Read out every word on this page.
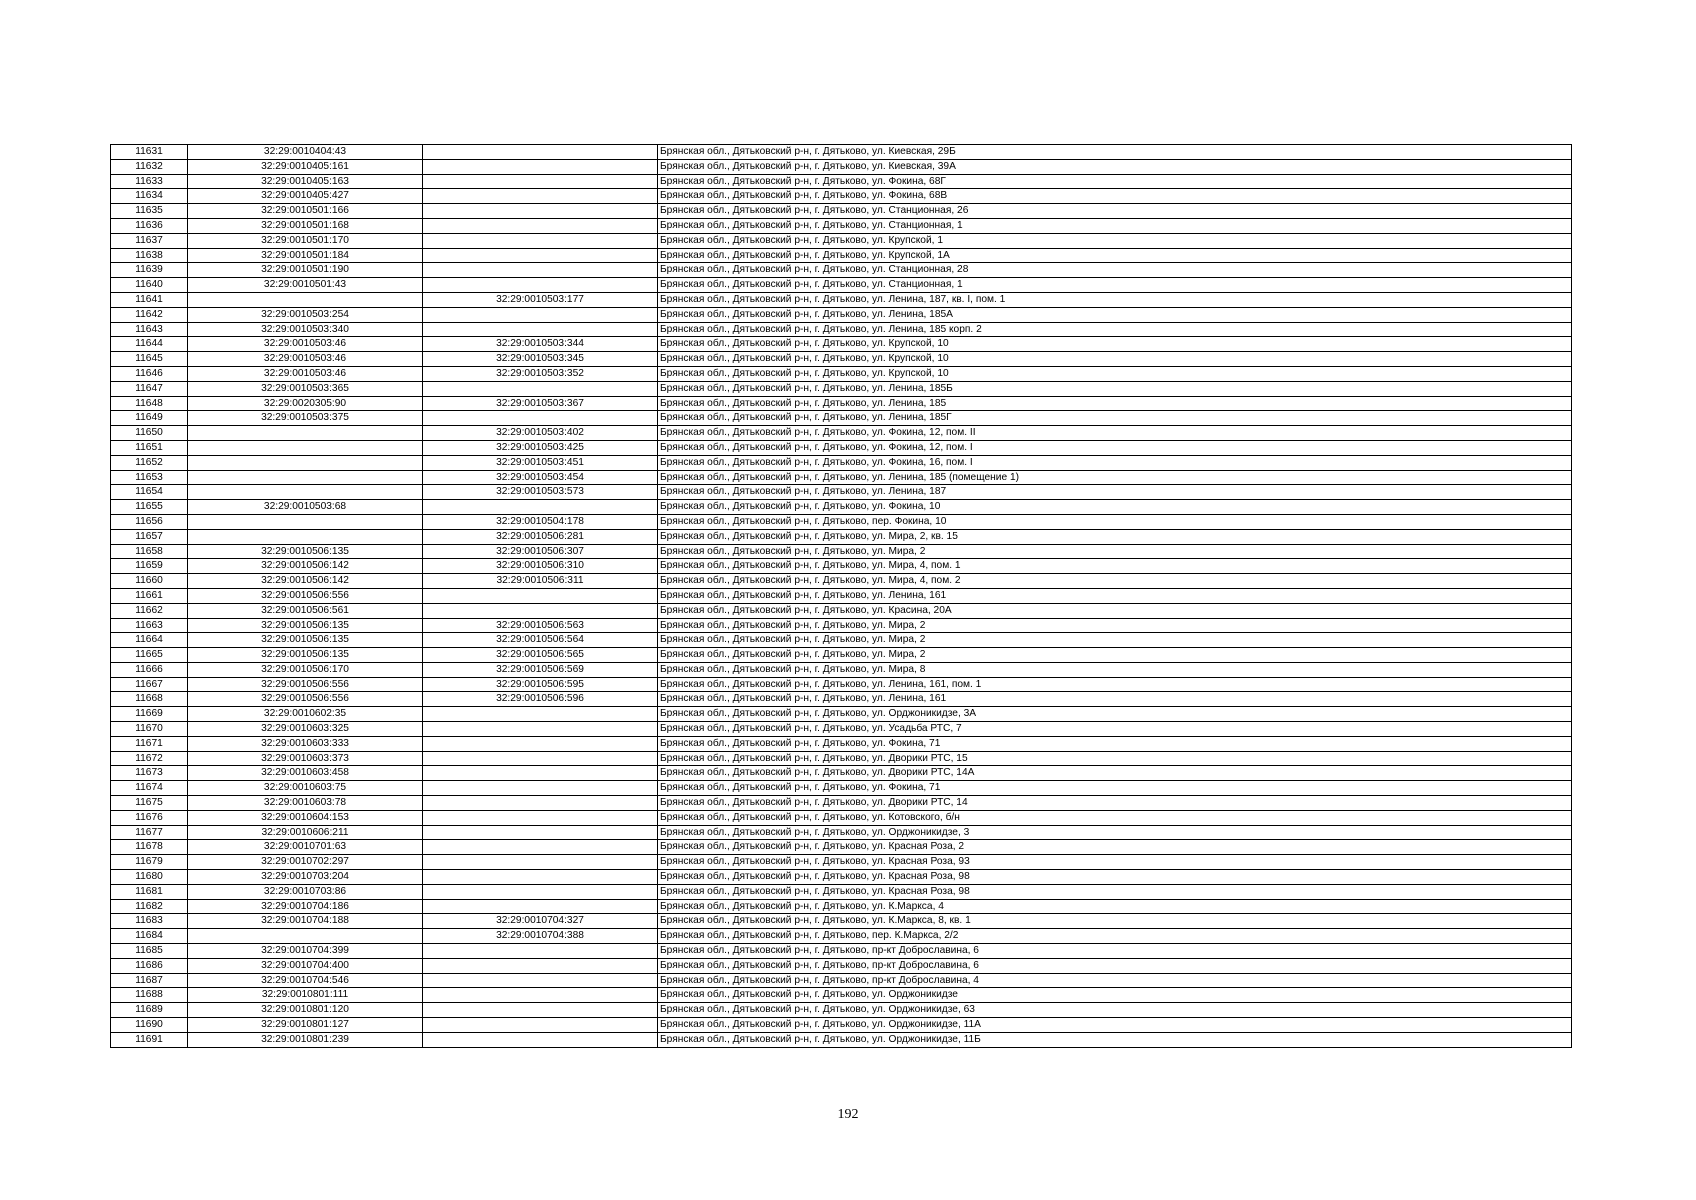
11631	32:29:0010404:43		Брянская обл., Дятьковский р-н, г. Дятьково, ул. Киевская, 29Б
11632	32:29:0010405:161		Брянская обл., Дятьковский р-н, г. Дятьково, ул. Киевская, 39А
11633	32:29:0010405:163		Брянская обл., Дятьковский р-н, г. Дятьково, ул. Фокина, 68Г
11634	32:29:0010405:427		Брянская обл., Дятьковский р-н, г. Дятьково, ул. Фокина, 68В
11635	32:29:0010501:166		Брянская обл., Дятьковский р-н, г. Дятьково, ул. Станционная, 26
11636	32:29:0010501:168		Брянская обл., Дятьковский р-н, г. Дятьково, ул. Станционная, 1
11637	32:29:0010501:170		Брянская обл., Дятьковский р-н, г. Дятьково, ул. Крупской, 1
11638	32:29:0010501:184		Брянская обл., Дятьковский р-н, г. Дятьково, ул. Крупской, 1А
11639	32:29:0010501:190		Брянская обл., Дятьковский р-н, г. Дятьково, ул. Станционная, 28
11640	32:29:0010501:43		Брянская обл., Дятьковский р-н, г. Дятьково, ул. Станционная, 1
11641		32:29:0010503:177	Брянская обл., Дятьковский р-н, г. Дятьково, ул. Ленина, 187, кв. I, пом. 1
11642	32:29:0010503:254		Брянская обл., Дятьковский р-н, г. Дятьково, ул. Ленина, 185А
11643	32:29:0010503:340		Брянская обл., Дятьковский р-н, г. Дятьково, ул. Ленина, 185 корп. 2
11644	32:29:0010503:46	32:29:0010503:344	Брянская обл., Дятьковский р-н, г. Дятьково, ул. Крупской, 10
11645	32:29:0010503:46	32:29:0010503:345	Брянская обл., Дятьковский р-н, г. Дятьково, ул. Крупской, 10
11646	32:29:0010503:46	32:29:0010503:352	Брянская обл., Дятьковский р-н, г. Дятьково, ул. Крупской, 10
11647	32:29:0010503:365		Брянская обл., Дятьковский р-н, г. Дятьково, ул. Ленина, 185Б
11648	32:29:0020305:90	32:29:0010503:367	Брянская обл., Дятьковский р-н, г. Дятьково, ул. Ленина, 185
11649	32:29:0010503:375		Брянская обл., Дятьковский р-н, г. Дятьково, ул. Ленина, 185Г
11650		32:29:0010503:402	Брянская обл., Дятьковский р-н, г. Дятьково, ул. Фокина, 12, пом. II
11651		32:29:0010503:425	Брянская обл., Дятьковский р-н, г. Дятьково, ул. Фокина, 12, пом. I
11652		32:29:0010503:451	Брянская обл., Дятьковский р-н, г. Дятьково, ул. Фокина, 16, пом. I
11653		32:29:0010503:454	Брянская обл., Дятьковский р-н, г. Дятьково, ул. Ленина, 185 (помещение 1)
11654		32:29:0010503:573	Брянская обл., Дятьковский р-н, г. Дятьково, ул. Ленина, 187
11655	32:29:0010503:68		Брянская обл., Дятьковский р-н, г. Дятьково, ул. Фокина, 10
11656		32:29:0010504:178	Брянская обл., Дятьковский р-н, г. Дятьково, пер. Фокина, 10
11657		32:29:0010506:281	Брянская обл., Дятьковский р-н, г. Дятьково, ул. Мира, 2, кв. 15
11658	32:29:0010506:135	32:29:0010506:307	Брянская обл., Дятьковский р-н, г. Дятьково, ул. Мира, 2
11659	32:29:0010506:142	32:29:0010506:310	Брянская обл., Дятьковский р-н, г. Дятьково, ул. Мира, 4, пом. 1
11660	32:29:0010506:142	32:29:0010506:311	Брянская обл., Дятьковский р-н, г. Дятьково, ул. Мира, 4, пом. 2
11661	32:29:0010506:556		Брянская обл., Дятьковский р-н, г. Дятьково, ул. Ленина, 161
11662	32:29:0010506:561		Брянская обл., Дятьковский р-н, г. Дятьково, ул. Красина, 20А
11663	32:29:0010506:135	32:29:0010506:563	Брянская обл., Дятьковский р-н, г. Дятьково, ул. Мира, 2
11664	32:29:0010506:135	32:29:0010506:564	Брянская обл., Дятьковский р-н, г. Дятьково, ул. Мира, 2
11665	32:29:0010506:135	32:29:0010506:565	Брянская обл., Дятьковский р-н, г. Дятьково, ул. Мира, 2
11666	32:29:0010506:170	32:29:0010506:569	Брянская обл., Дятьковский р-н, г. Дятьково, ул. Мира, 8
11667	32:29:0010506:556	32:29:0010506:595	Брянская обл., Дятьковский р-н, г. Дятьково, ул. Ленина, 161, пом. 1
11668	32:29:0010506:556	32:29:0010506:596	Брянская обл., Дятьковский р-н, г. Дятьково, ул. Ленина, 161
11669	32:29:0010602:35		Брянская обл., Дятьковский р-н, г. Дятьково, ул. Орджоникидзе, 3А
11670	32:29:0010603:325		Брянская обл., Дятьковский р-н, г. Дятьково, ул. Усадьба РТС, 7
11671	32:29:0010603:333		Брянская обл., Дятьковский р-н, г. Дятьково, ул. Фокина, 71
11672	32:29:0010603:373		Брянская обл., Дятьковский р-н, г. Дятьково, ул. Дворики РТС, 15
11673	32:29:0010603:458		Брянская обл., Дятьковский р-н, г. Дятьково, ул. Дворики РТС, 14А
11674	32:29:0010603:75		Брянская обл., Дятьковский р-н, г. Дятьково, ул. Фокина, 71
11675	32:29:0010603:78		Брянская обл., Дятьковский р-н, г. Дятьково, ул. Дворики РТС, 14
11676	32:29:0010604:153		Брянская обл., Дятьковский р-н, г. Дятьково, ул. Котовского, б/н
11677	32:29:0010606:211		Брянская обл., Дятьковский р-н, г. Дятьково, ул. Орджоникидзе, 3
11678	32:29:0010701:63		Брянская обл., Дятьковский р-н, г. Дятьково, ул. Красная Роза, 2
11679	32:29:0010702:297		Брянская обл., Дятьковский р-н, г. Дятьково, ул. Красная Роза, 93
11680	32:29:0010703:204		Брянская обл., Дятьковский р-н, г. Дятьково, ул. Красная Роза, 98
11681	32:29:0010703:86		Брянская обл., Дятьковский р-н, г. Дятьково, ул. Красная Роза, 98
11682	32:29:0010704:186		Брянская обл., Дятьковский р-н, г. Дятьково, ул. К.Маркса, 4
11683	32:29:0010704:188	32:29:0010704:327	Брянская обл., Дятьковский р-н, г. Дятьково, ул. К.Маркса, 8, кв. 1
11684		32:29:0010704:388	Брянская обл., Дятьковский р-н, г. Дятьково, пер. К.Маркса, 2/2
11685	32:29:0010704:399		Брянская обл., Дятьковский р-н, г. Дятьково, пр-кт Доброславина, 6
11686	32:29:0010704:400		Брянская обл., Дятьковский р-н, г. Дятьково, пр-кт Доброславина, 6
11687	32:29:0010704:546		Брянская обл., Дятьковский р-н, г. Дятьково, пр-кт Доброславина, 4
11688	32:29:0010801:111		Брянская обл., Дятьковский р-н, г. Дятьково, ул. Орджоникидзе
11689	32:29:0010801:120		Брянская обл., Дятьковский р-н, г. Дятьково, ул. Орджоникидзе, 63
11690	32:29:0010801:127		Брянская обл., Дятьковский р-н, г. Дятьково, ул. Орджоникидзе, 11А
11691	32:29:0010801:239		Брянская обл., Дятьковский р-н, г. Дятьково, ул. Орджоникидзе, 11Б
192
